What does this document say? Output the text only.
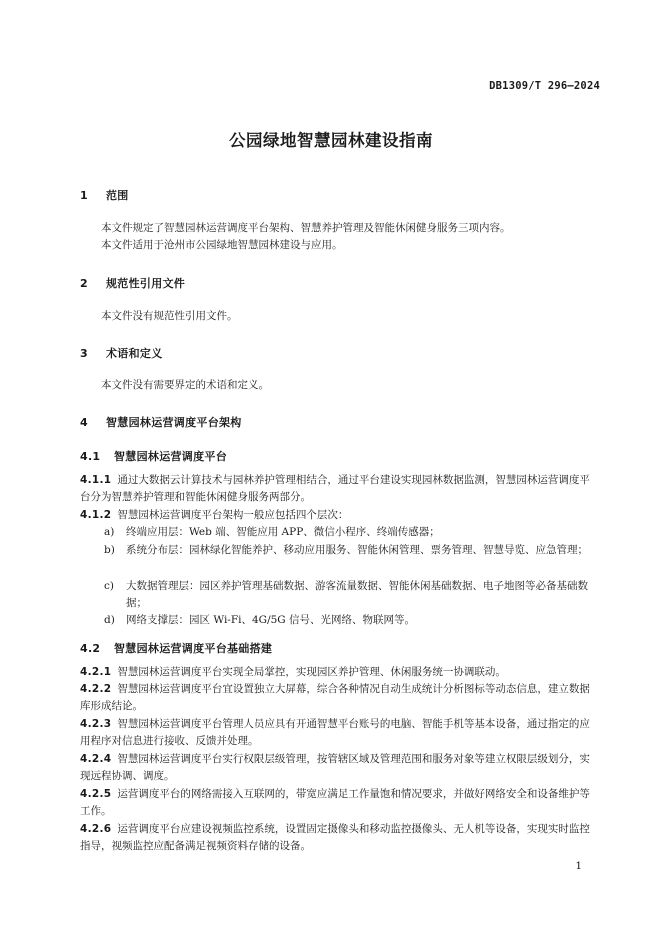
DB1309/T 296—2024
公园绿地智慧园林建设指南
1 范围
本文件规定了智慧园林运营调度平台架构、智慧养护管理及智能休闲健身服务三项内容。
本文件适用于沧州市公园绿地智慧园林建设与应用。
2 规范性引用文件
本文件没有规范性引用文件。
3 术语和定义
本文件没有需要界定的术语和定义。
4 智慧园林运营调度平台架构
4.1 智慧园林运营调度平台
4.1.1 通过大数据云计算技术与园林养护管理相结合，通过平台建设实现园林数据监测，智慧园林运营调度平台分为智慧养护管理和智能休闲健身服务两部分。
4.1.2 智慧园林运营调度平台架构一般应包括四个层次：
a)	终端应用层：Web 端、智能应用 APP、微信小程序、终端传感器；
b)	系统分布层：园林绿化智能养护、移动应用服务、智能休闲管理、票务管理、智慧导览、应急管理；
c)	大数据管理层：园区养护管理基础数据、游客流量数据、智能休闲基础数据、电子地图等必备基础数据；
d)	网络支撑层：园区 Wi-Fi、4G/5G 信号、光网络、物联网等。
4.2 智慧园林运营调度平台基础搭建
4.2.1 智慧园林运营调度平台实现全局掌控，实现园区养护管理、休闲服务统一协调联动。
4.2.2 智慧园林运营调度平台宜设置独立大屏幕，综合各种情况自动生成统计分析图标等动态信息，建立数据库形成结论。
4.2.3 智慧园林运营调度平台管理人员应具有开通智慧平台账号的电脑、智能手机等基本设备，通过指定的应用程序对信息进行接收、反馈并处理。
4.2.4 智慧园林运营调度平台实行权限层级管理，按管辖区域及管理范围和服务对象等建立权限层级划分，实现远程协调、调度。
4.2.5 运营调度平台的网络需接入互联网的，带宽应满足工作量饱和情况要求，并做好网络安全和设备维护等工作。
4.2.6 运营调度平台应建设视频监控系统，设置固定摄像头和移动监控摄像头、无人机等设备，实现实时监控指导，视频监控应配备满足视频资料存储的设备。
1
